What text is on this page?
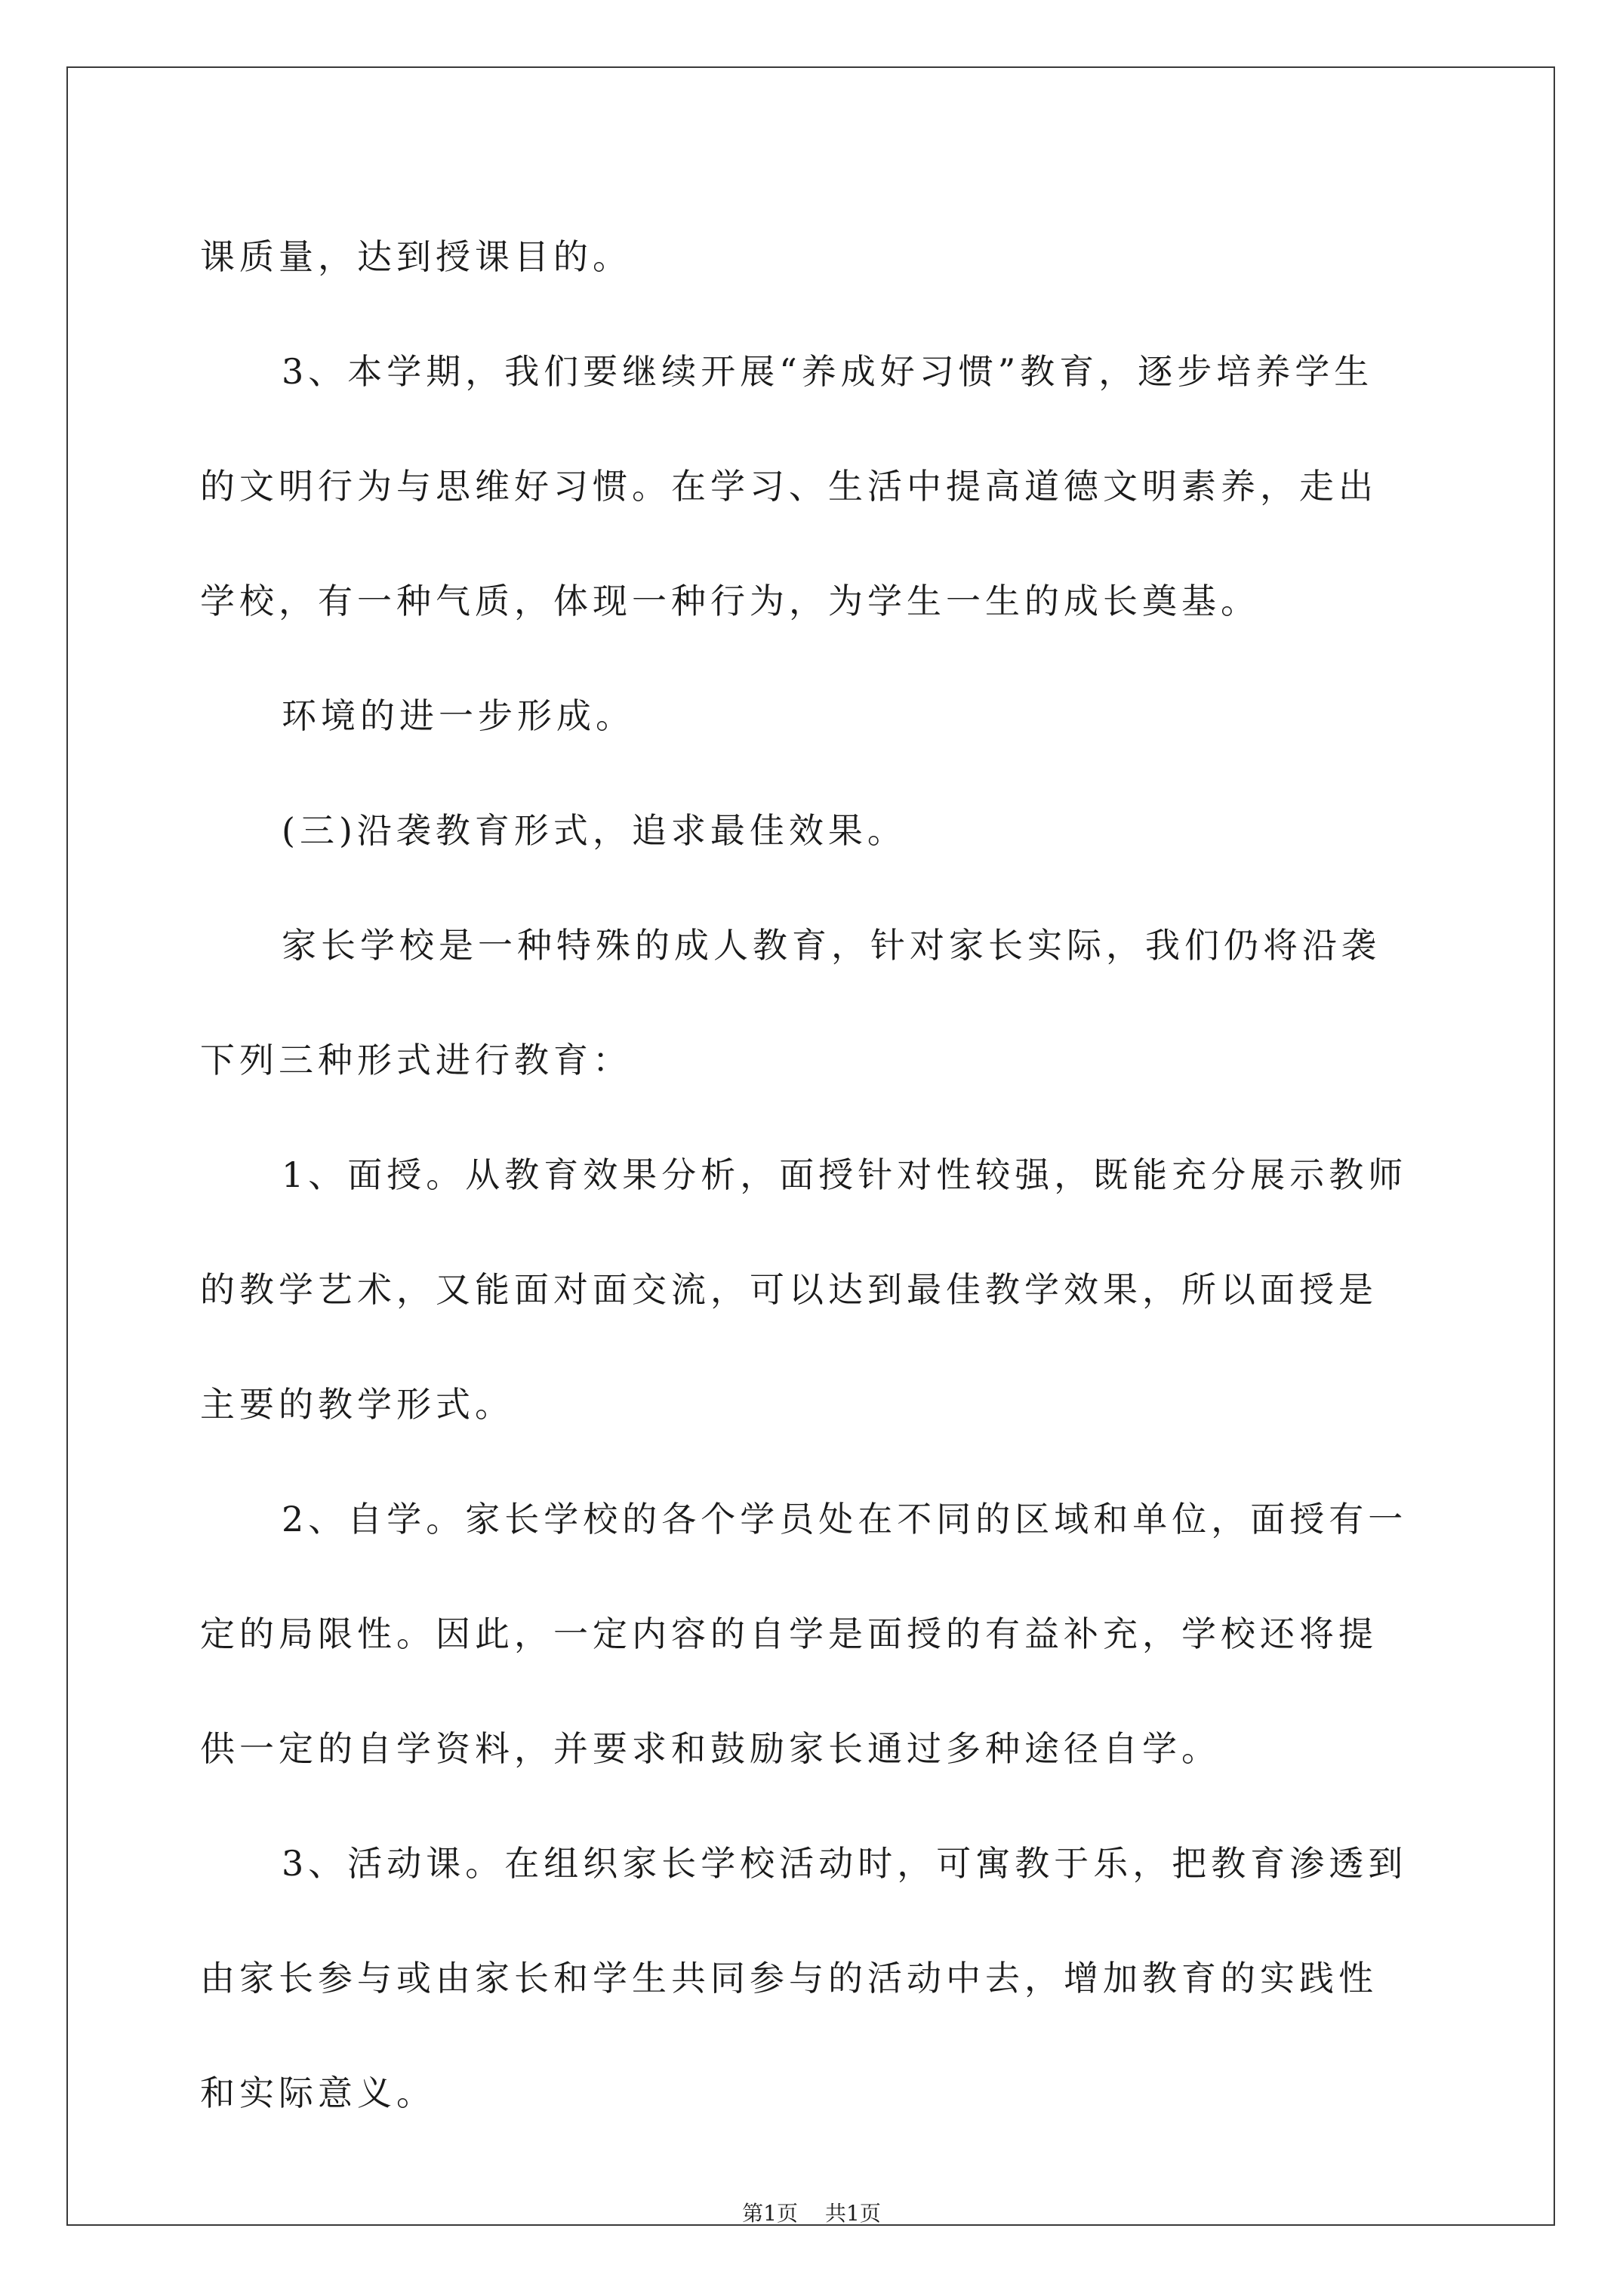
课质量，达到授课目的。
3、本学期，我们要继续开展“养成好习惯”教育，逐步培养学生
的文明行为与思维好习惯。在学习、生活中提高道德文明素养，走出
学校，有一种气质，体现一种行为，为学生一生的成长奠基。
环境的进一步形成。
(三)沿袭教育形式，追求最佳效果。
家长学校是一种特殊的成人教育，针对家长实际，我们仍将沿袭
下列三种形式进行教育：
1、面授。从教育效果分析，面授针对性较强，既能充分展示教师
的教学艺术，又能面对面交流，可以达到最佳教学效果，所以面授是
主要的教学形式。
2、自学。家长学校的各个学员处在不同的区域和单位，面授有一
定的局限性。因此，一定内容的自学是面授的有益补充，学校还将提
供一定的自学资料，并要求和鼓励家长通过多种途径自学。
3、活动课。在组织家长学校活动时，可寓教于乐，把教育渗透到
由家长参与或由家长和学生共同参与的活动中去，增加教育的实践性
和实际意义。
第1页 共1页
